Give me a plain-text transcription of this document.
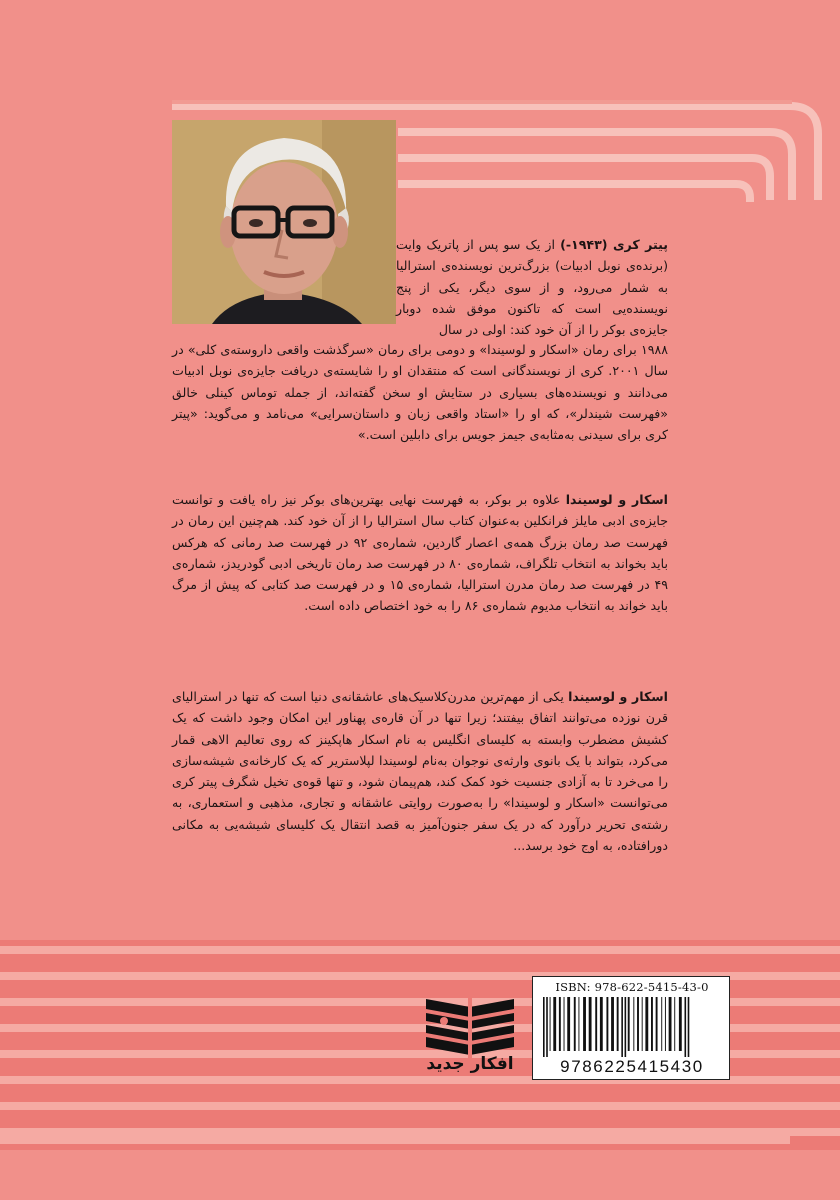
پیتر کری (۱۹۴۳-) از یک سو پس از پاتریک وایت (برنده‌ی نوبل ادبیات) بزرگ‌ترین نویسنده‌ی استرالیا به شمار می‌رود، و از سوی دیگر، یکی از پنج نویسنده‌یی است که تاکنون موفق شده دوبار جایزه‌ی بوکر را از آن خود کند: اولی در سال
۱۹۸۸ برای رمان «اسکار و لوسیندا» و دومی برای رمان «سرگذشت واقعی داروسته‌ی کلی» در سال ۲۰۰۱. کری از نویسندگانی است که منتقدان او را شایسته‌ی دریافت جایزه‌ی نوبل ادبیات می‌دانند و نویسنده‌های بسیاری در ستایش او سخن گفته‌اند، از جمله توماس کینلی خالق «فهرست شیندلر»، که او را «استاد واقعی زبان و داستان‌سرایی» می‌نامد و می‌گوید: «پیتر کری برای سیدنی به‌مثابه‌ی جیمز جویس برای دابلین است.»
اسکار و لوسیندا علاوه بر بوکر، به فهرست نهایی بهترین‌های بوکر نیز راه یافت و توانست جایزه‌ی ادبی مایلز فرانکلین به‌عنوان کتاب سال استرالیا را از آن خود کند. هم‌چنین این رمان در فهرست صد رمان بزرگ همه‌ی اعصار گاردین، شماره‌ی ۹۲ در فهرست صد رمانی که هرکس باید بخواند به انتخاب تلگراف، شماره‌ی ۸۰ در فهرست صد رمان تاریخی ادبی گودریدز، شماره‌ی ۴۹ در فهرست صد رمان مدرن استرالیا، شماره‌ی ۱۵ و در فهرست صد کتابی که پیش از مرگ باید خواند به انتخاب مدیوم شماره‌ی ۸۶ را به خود اختصاص داده است.
اسکار و لوسیندا یکی از مهم‌ترین مدرن‌کلاسیک‌های عاشقانه‌ی دنیا است که تنها در استرالیای قرن نوزده می‌توانند اتفاق بیفتند؛ زیرا تنها در آن قاره‌ی پهناور این امکان وجود داشت که یک کشیش مضطرب وابسته به کلیسای انگلیس به نام اسکار هاپکینز که روی تعالیم الاهی قمار می‌کرد، بتواند با یک بانوی وارثه‌ی نوجوان به‌نام لوسیندا لپلاستریر که یک کارخانه‌ی شیشه‌سازی را می‌خرد تا به آزادی جنسیت خود کمک کند، هم‌پیمان شود، و تنها قوه‌ی تخیل شگرف پیتر کری می‌توانست «اسکار و لوسیندا» را به‌صورت روایتی عاشقانه و تجاری، مذهبی و استعماری، به رشته‌ی تحریر درآورد که در یک سفر جنون‌آمیز به قصد انتقال یک کلیسای شیشه‌یی به مکانی دورافتاده، به اوج خود برسد...
افکار جدید
ISBN: 978-622-5415-43-0
9786225415430
